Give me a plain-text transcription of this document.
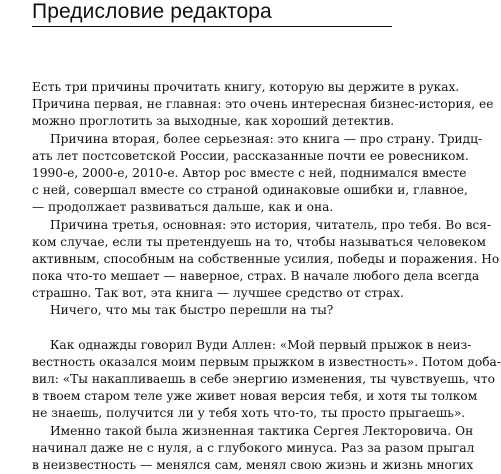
Предисловие редактора

Есть три причины прочитать книгу, которую вы держите в руках.
Причина первая, не главная: это очень интересная бизнес-история, ее
можно проглотить за выходные, как хороший детектив.

Причина вторая, более серьезная: это книга — про страну. Тридц-
ать лет постсоветской России, рассказанные почти ее ровесником.
1990-е, 2000-е, 2010-е. Автор рос вместе с ней, поднимался вместе
с ней, совершал вместе со страной одинаковые ошибки и, главное,
— продолжает развиваться дальше, как и она.

Причина третья, основная: это история, читатель, про тебя. Во вся-
ком случае, если ты претендуешь на то, чтобы называться человеком
активным, способным на собственные усилия, победы и поражения. Но
пока что-то мешает — наверное, страх. В начале любого дела всегда
страшно. Так вот, эта книга — лучшее средство от страх.

Ничего, что мы так быстро перешли на ты?

Как однажды говорил Вуди Аллен: «Мой первый прыжок в неиз-
вестность оказался моим первым прыжком в известность». Потом доба-
вил: «Ты накапливаешь в себе энергию изменения, ты чувствуешь, что
в твоем старом теле уже живет новая версия тебя, и хотя ты толком
не знаешь, получится ли у тебя хоть что-то, ты просто прыгаешь».

Именно такой была жизненная тактика Сергея Лекторовича. Он
начинал даже не с нуля, а с глубокого минуса. Раз за разом прыгал
в неизвестность — менялся сам, менял свою жизнь и жизнь многих
